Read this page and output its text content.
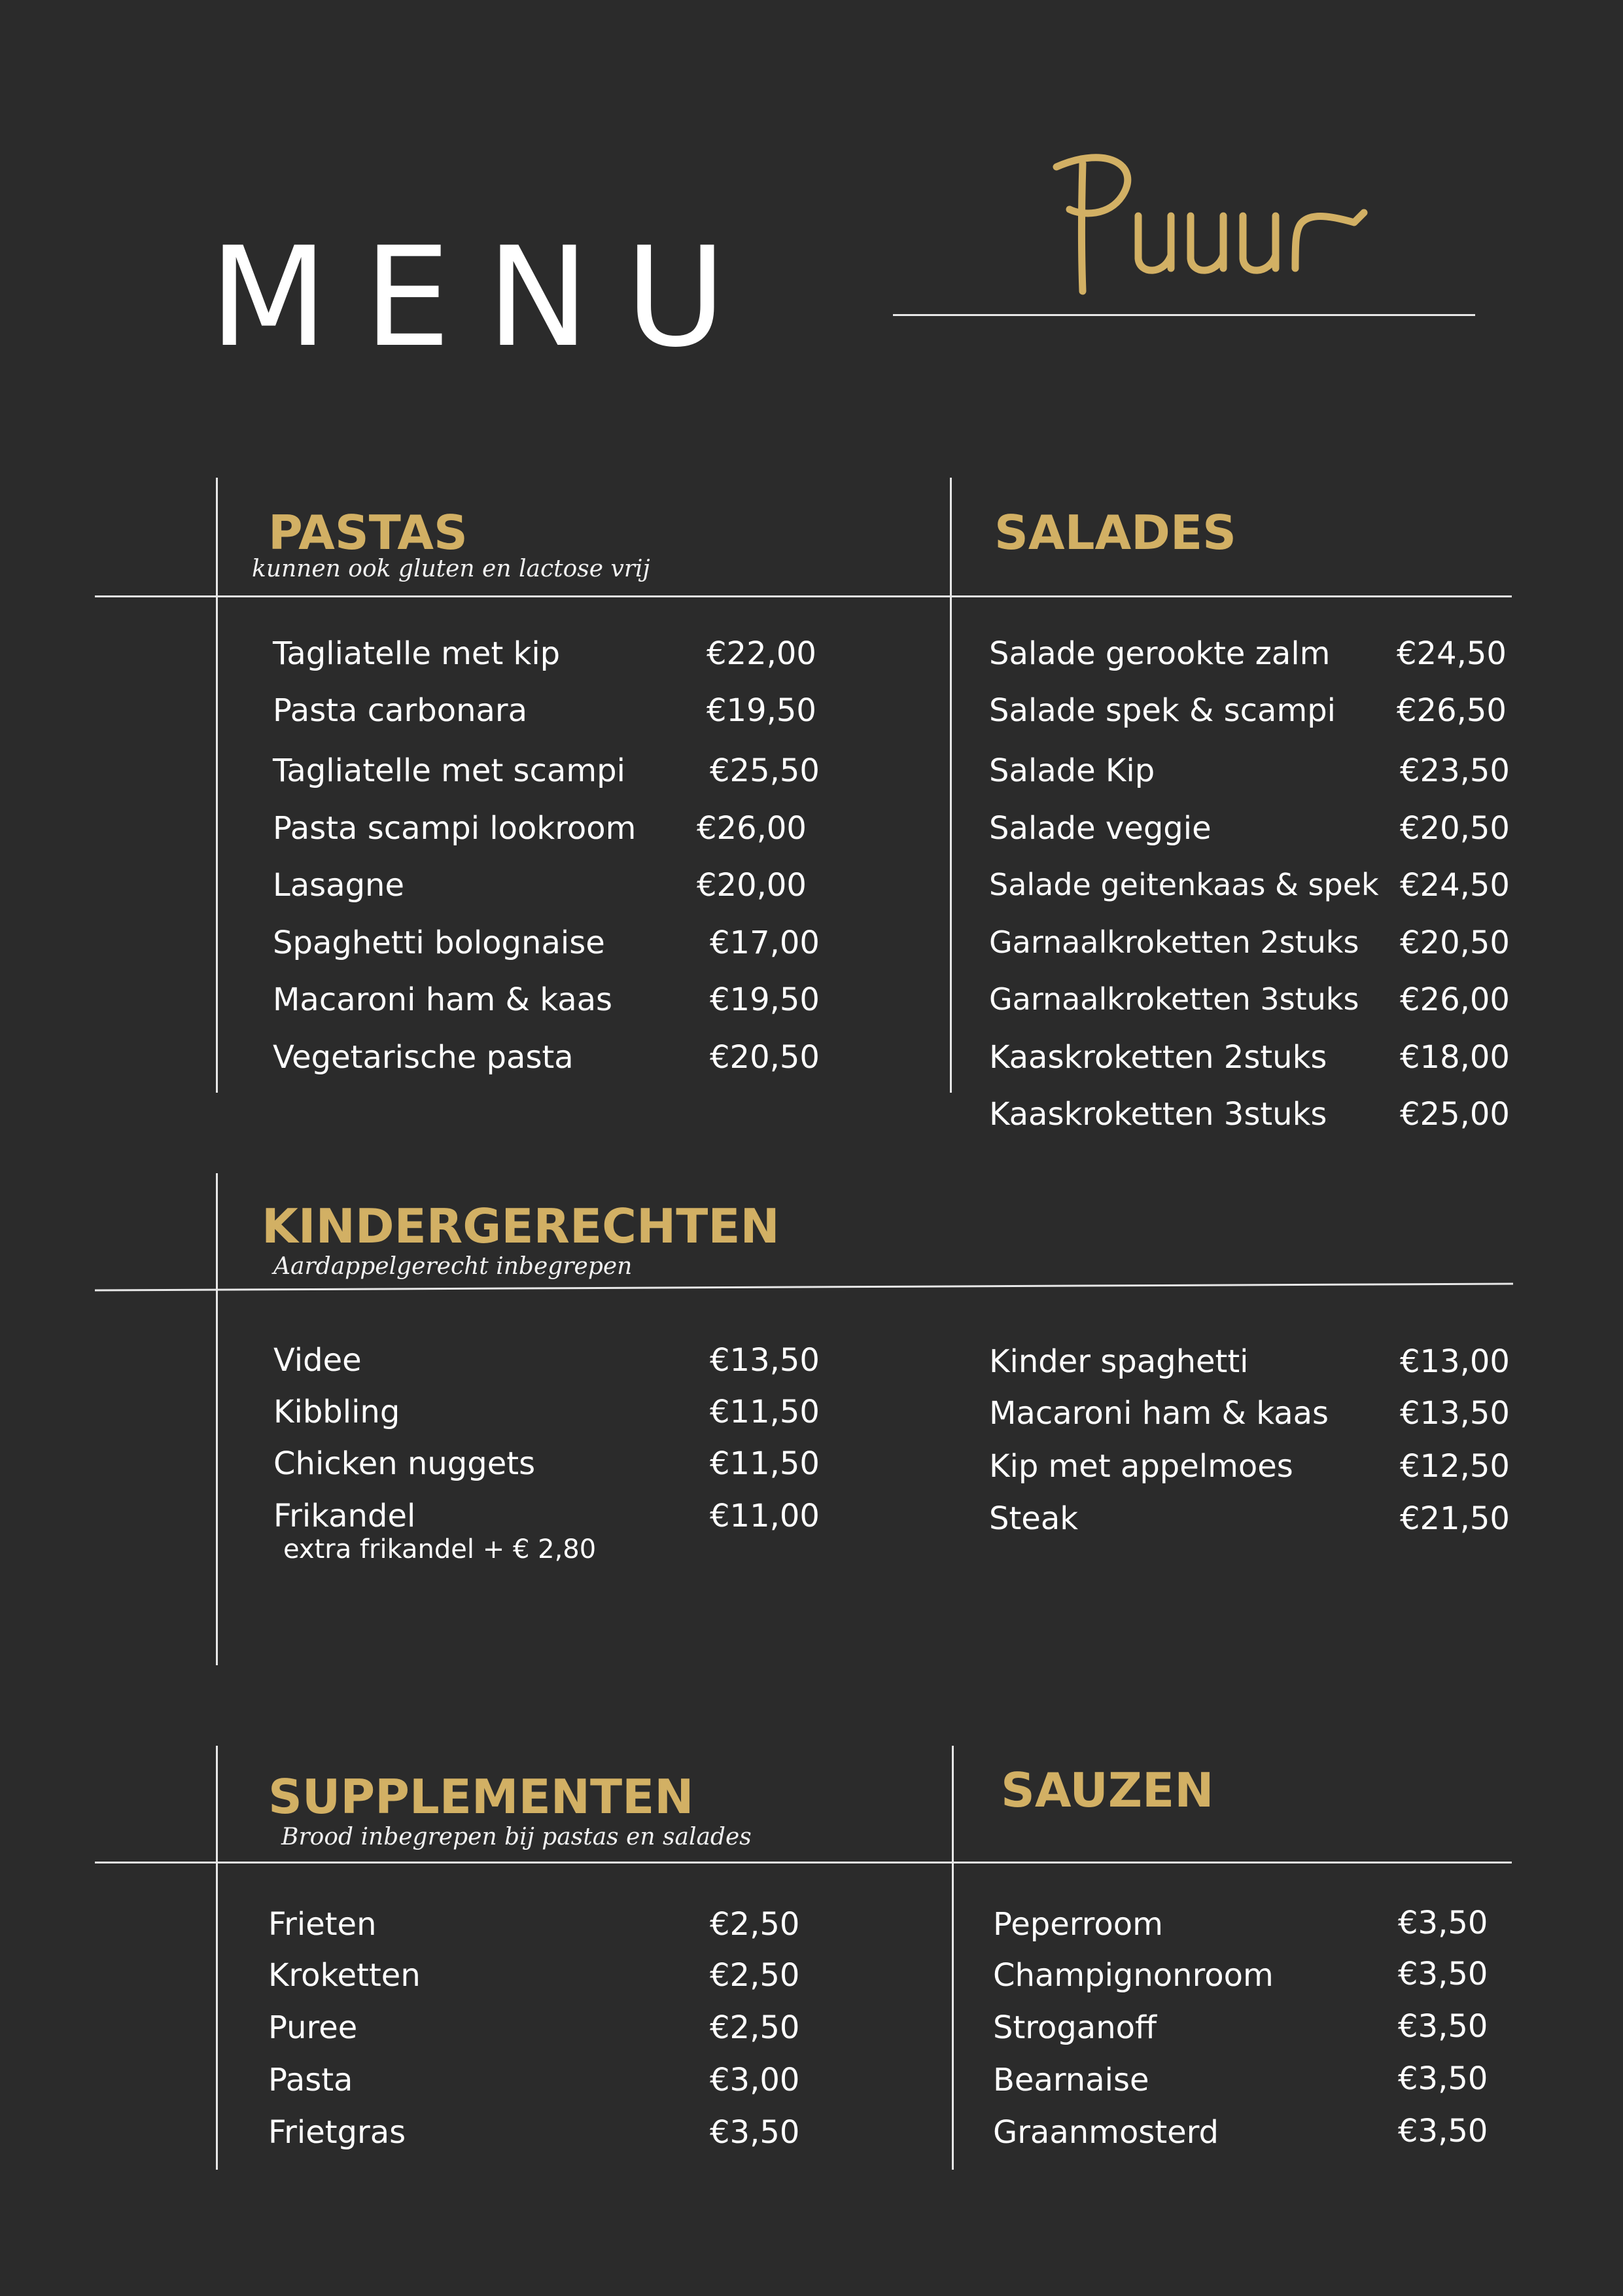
MENU
PASTAS
kunnen ook gluten en lactose vrij
Tagliatelle met kip	€22,00
Pasta carbonara	€19,50
Tagliatelle met scampi	€25,50
Pasta scampi lookroom €26,00
Lasagne	€20,00
Spaghetti bolognaise	€17,00
Macaroni ham & kaas	€19,50
Vegetarische pasta	€20,50
SALADES
Salade gerookte zalm €24,50
Salade spek & scampi €26,50
Salade Kip	€23,50
Salade veggie	€20,50
Salade geitenkaas & spek €24,50
Garnaalkroketten 2stuks €20,50
Garnaalkroketten 3stuks €26,00
Kaaskroketten 2stuks €18,00
Kaaskroketten 3stuks €25,00
KINDERGERECHTEN
Aardappelgerecht inbegrepen
Videe	€13,50
Kibbling	€11,50
Chicken nuggets	€11,50
Frikandel	€11,00
extra frikandel + € 2,80
Kinder spaghetti	€13,00
Macaroni ham & kaas €13,50
Kip met appelmoes	€12,50
Steak	€21,50
SUPPLEMENTEN
Brood inbegrepen bij pastas en salades
Frieten	€2,50
Kroketten	€2,50
Puree	€2,50
Pasta	€3,00
Frietgras	€3,50
SAUZEN
Peperroom	€3,50
Champignonroom	€3,50
Stroganoff	€3,50
Bearnaise	€3,50
Graanmosterd	€3,50
